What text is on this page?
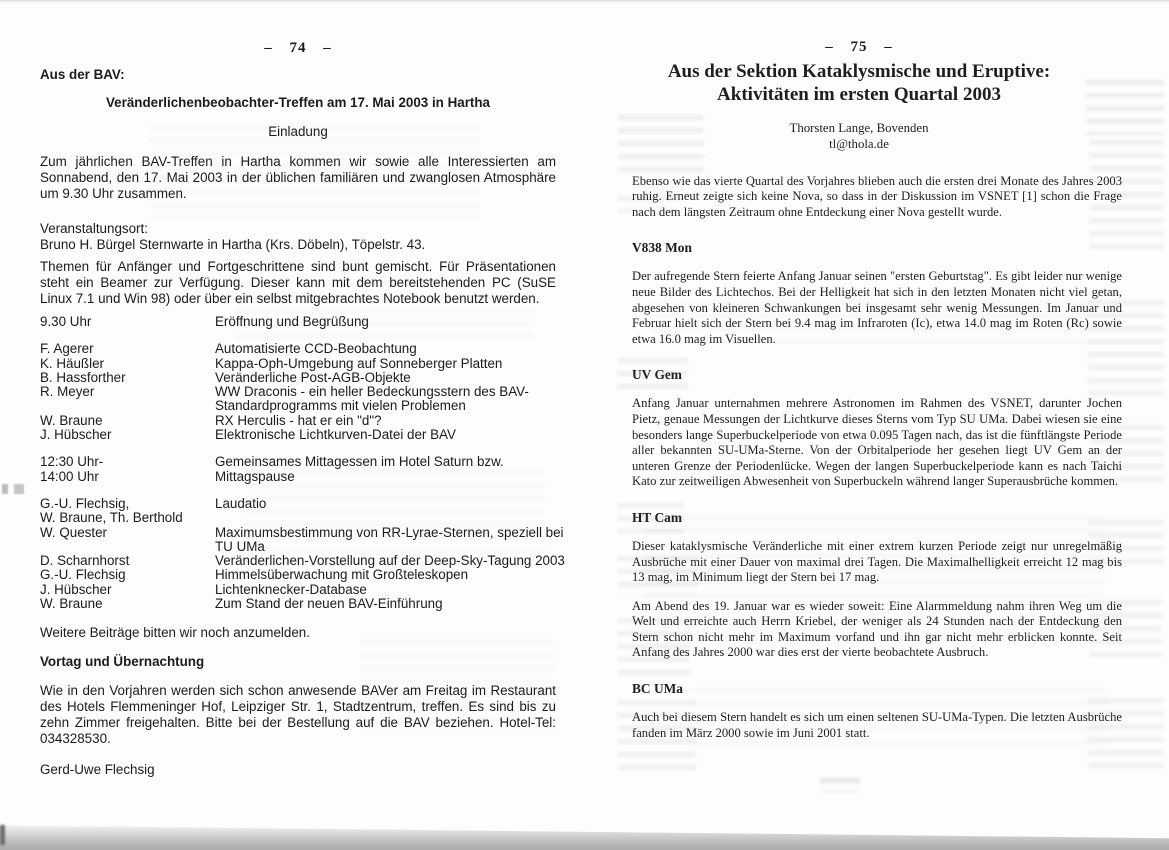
– 74 –
Aus der BAV:
Veränderlichenbeobachter-Treffen am 17. Mai 2003 in Hartha
Einladung

Zum jährlichen BAV-Treffen in Hartha kommen wir sowie alle Interessierten am Sonnabend, den 17. Mai 2003 in der üblichen familiären und zwanglosen Atmosphäre um 9.30 Uhr zusammen.

Veranstaltungsort:
Bruno H. Bürgel Sternwarte in Hartha (Krs. Döbeln), Töpelstr. 43.

Themen für Anfänger und Fortgeschrittene sind bunt gemischt. Für Präsentationen steht ein Beamer zur Verfügung. Dieser kann mit dem bereitstehenden PC (SuSE Linux 7.1 und Win 98) oder über ein selbst mitgebrachtes Notebook benutzt werden.

9.30 Uhr	Eröffnung und Begrüßung
F. Agerer	Automatisierte CCD-Beobachtung
K. Häußler	Kappa-Oph-Umgebung auf Sonneberger Platten
B. Hassforther	Veränderliche Post-AGB-Objekte
R. Meyer	WW Draconis - ein heller Bedeckungsstern des BAV-
Standardprogramms mit vielen Problemen
W. Braune	RX Herculis - hat er ein "d"?
J. Hübscher	Elektronische Lichtkurven-Datei der BAV
12:30 Uhr-	Gemeinsames Mittagessen im Hotel Saturn bzw.
14:00 Uhr	Mittagspause
G.-U. Flechsig,	Laudatio
W. Braune, Th. Berthold
W. Quester	Maximumsbestimmung von RR-Lyrae-Sternen, speziell bei
TU UMa
D. Scharnhorst	Veränderlichen-Vorstellung auf der Deep-Sky-Tagung 2003
G.-U. Flechsig	Himmelsüberwachung mit Großteleskopen
J. Hübscher	Lichtenknecker-Database
W. Braune	Zum Stand der neuen BAV-Einführung

Weitere Beiträge bitten wir noch anzumelden.

Vortag und Übernachtung

Wie in den Vorjahren werden sich schon anwesende BAVer am Freitag im Restaurant des Hotels Flemmeninger Hof, Leipziger Str. 1, Stadtzentrum, treffen. Es sind bis zu zehn Zimmer freigehalten. Bitte bei der Bestellung auf die BAV beziehen. Hotel-Tel: 034328530.

Gerd-Uwe Flechsig

– 75 –
Aus der Sektion Kataklysmische und Eruptive:
Aktivitäten im ersten Quartal 2003
Thorsten Lange, Bovenden
tl@thola.de

Ebenso wie das vierte Quartal des Vorjahres blieben auch die ersten drei Monate des Jahres 2003 ruhig. Erneut zeigte sich keine Nova, so dass in der Diskussion im VSNET [1] schon die Frage nach dem längsten Zeitraum ohne Entdeckung einer Nova gestellt wurde.

V838 Mon

Der aufregende Stern feierte Anfang Januar seinen "ersten Geburtstag". Es gibt leider nur wenige neue Bilder des Lichtechos. Bei der Helligkeit hat sich in den letzten Monaten nicht viel getan, abgesehen von kleineren Schwankungen bei insgesamt sehr wenig Messungen. Im Januar und Februar hielt sich der Stern bei 9.4 mag im Infraroten (Ic), etwa 14.0 mag im Roten (Rc) sowie etwa 16.0 mag im Visuellen.

UV Gem

Anfang Januar unternahmen mehrere Astronomen im Rahmen des VSNET, darunter Jochen Pietz, genaue Messungen der Lichtkurve dieses Sterns vom Typ SU UMa. Dabei wiesen sie eine besonders lange Superbuckelperiode von etwa 0.095 Tagen nach, das ist die fünftlängste Periode aller bekannten SU-UMa-Sterne. Von der Orbitalperiode her gesehen liegt UV Gem an der unteren Grenze der Periodenlücke. Wegen der langen Superbuckelperiode kann es nach Taichi Kato zur zeitweiligen Abwesenheit von Superbuckeln während langer Superausbrüche kommen.

HT Cam

Dieser kataklysmische Veränderliche mit einer extrem kurzen Periode zeigt nur unregelmäßig Ausbrüche mit einer Dauer von maximal drei Tagen. Die Maximalhelligkeit erreicht 12 mag bis 13 mag, im Minimum liegt der Stern bei 17 mag.

Am Abend des 19. Januar war es wieder soweit: Eine Alarmmeldung nahm ihren Weg um die Welt und erreichte auch Herrn Kriebel, der weniger als 24 Stunden nach der Entdeckung den Stern schon nicht mehr im Maximum vorfand und ihn gar nicht mehr erblicken konnte. Seit Anfang des Jahres 2000 war dies erst der vierte beobachtete Ausbruch.

BC UMa

Auch bei diesem Stern handelt es sich um einen seltenen SU-UMa-Typen. Die letzten Ausbrüche fanden im März 2000 sowie im Juni 2001 statt.
